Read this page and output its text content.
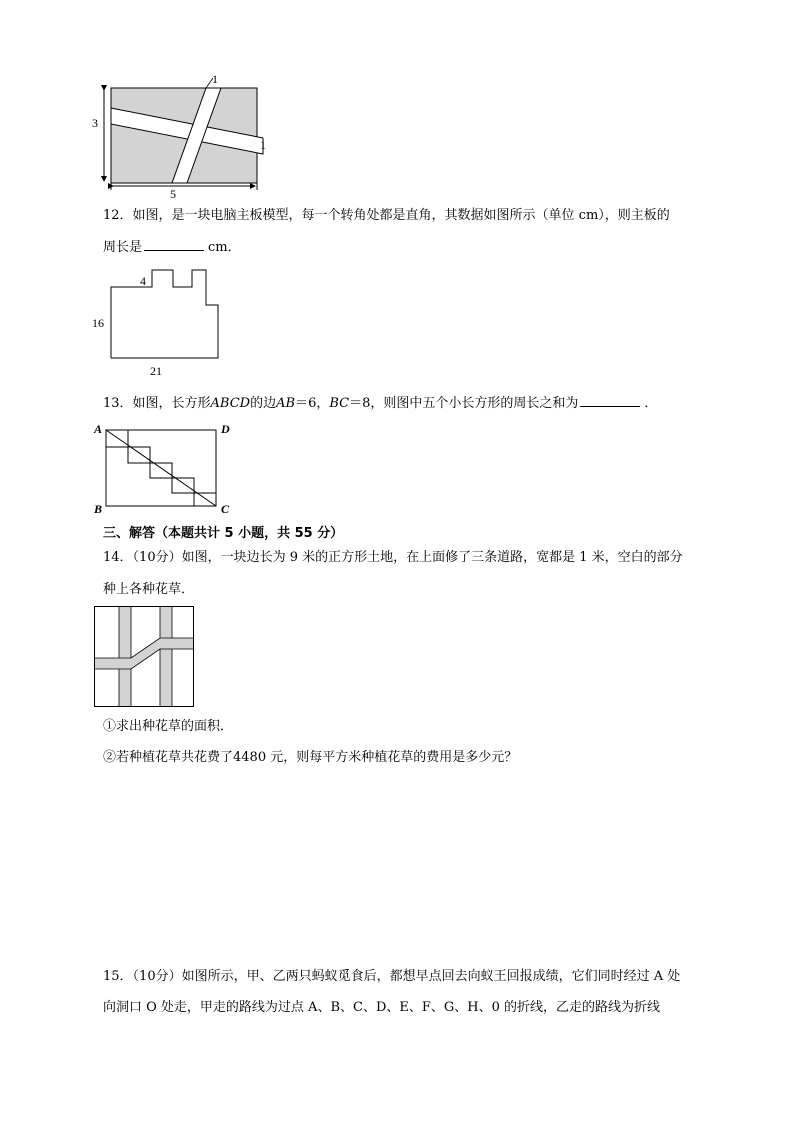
1
1
3
5
12．如图，是一块电脑主板模型，每一个转角处都是直角，其数据如图所示（单位 cm），则主板的
周长是	cm．
4
16
21
13．如图，长方形ABCD的边AB＝6，BC＝8，则图中五个小长方形的周长之和为	．
A	D
B	C
三、解答（本题共计 5 小题，共 55 分）
14．（10分）如图，一块边长为 9 米的正方形土地，在上面修了三条道路，宽都是 1 米，空白的部分
种上各种花草．
①求出种花草的面积．
②若种植花草共花费了4480 元，则每平方米种植花草的费用是多少元？
15．（10分）如图所示，甲、乙两只蚂蚁觅食后，都想早点回去向蚁王回报成绩，它们同时经过 A 处
向洞口 O 处走，甲走的路线为过点 A、B、C、D、E、F、G、H、0 的折线，乙走的路线为折线
